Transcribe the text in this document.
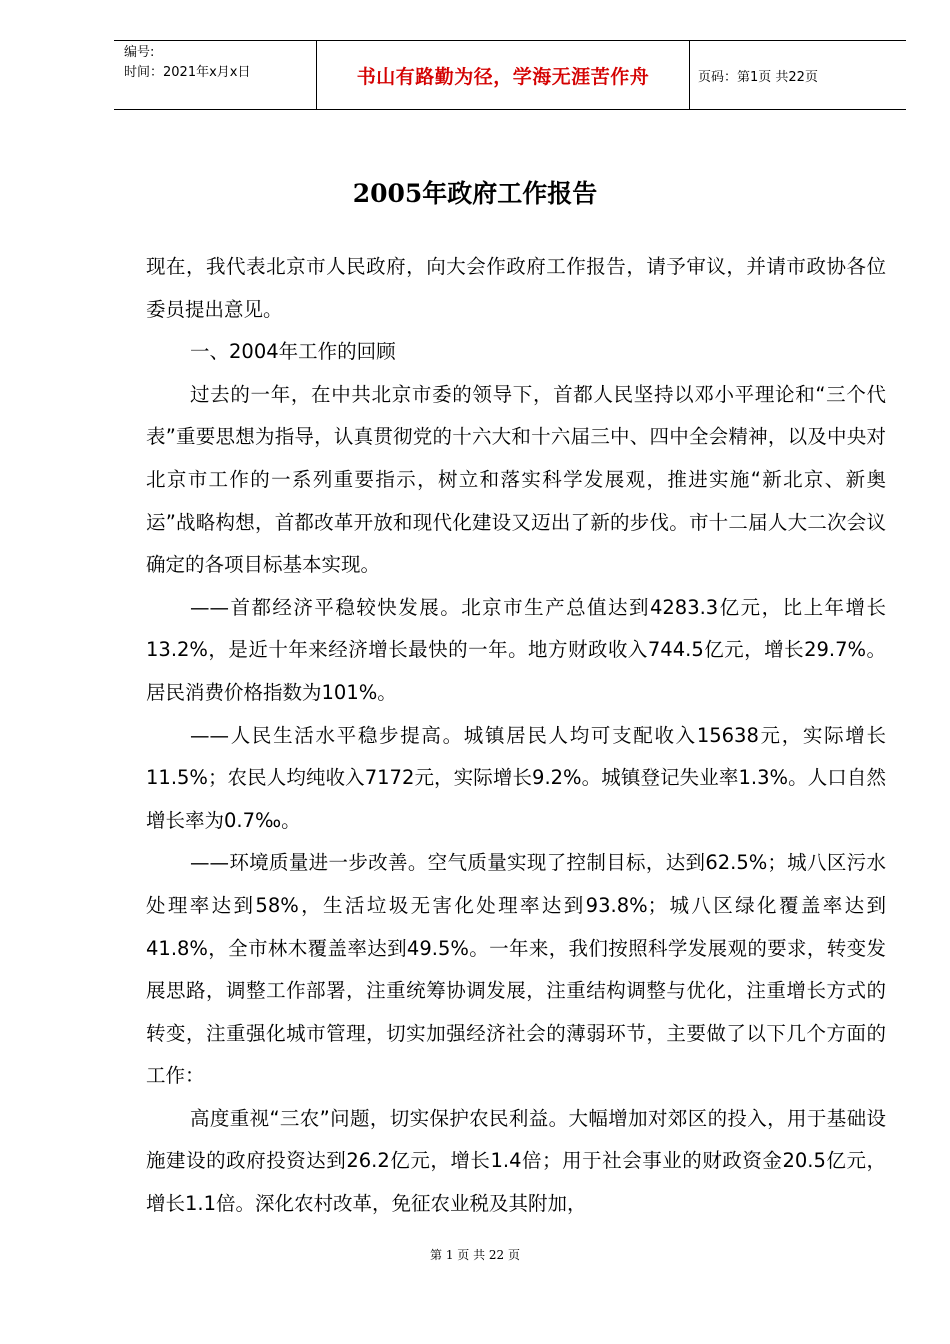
编号:
时间：2021年x月x日	书山有路勤为径，学海无涯苦作舟	页码：第1页 共22页
2005年政府工作报告

现在，我代表北京市人民政府，向大会作政府工作报告，请予审议，并请市政协各位委员提出意见。

一、2004年工作的回顾

过去的一年，在中共北京市委的领导下，首都人民坚持以邓小平理论和“三个代表”重要思想为指导，认真贯彻党的十六大和十六届三中、四中全会精神，以及中央对北京市工作的一系列重要指示，树立和落实科学发展观，推进实施“新北京、新奥运”战略构想，首都改革开放和现代化建设又迈出了新的步伐。市十二届人大二次会议确定的各项目标基本实现。

——首都经济平稳较快发展。北京市生产总值达到4283.3亿元，比上年增长13.2%，是近十年来经济增长最快的一年。地方财政收入744.5亿元，增长29.7%。居民消费价格指数为101%。

——人民生活水平稳步提高。城镇居民人均可支配收入15638元，实际增长11.5%；农民人均纯收入7172元，实际增长9.2%。城镇登记失业率1.3%。人口自然增长率为0.7‰。

——环境质量进一步改善。空气质量实现了控制目标，达到62.5%；城八区污水处理率达到58%，生活垃圾无害化处理率达到93.8%；城八区绿化覆盖率达到41.8%，全市林木覆盖率达到49.5%。一年来，我们按照科学发展观的要求，转变发展思路，调整工作部署，注重统筹协调发展，注重结构调整与优化，注重增长方式的转变，注重强化城市管理，切实加强经济社会的薄弱环节，主要做了以下几个方面的工作：

高度重视“三农”问题，切实保护农民利益。大幅增加对郊区的投入，用于基础设施建设的政府投资达到26.2亿元，增长1.4倍；用于社会事业的财政资金20.5亿元，增长1.1倍。深化农村改革，免征农业税及其附加，

第 1 页 共 22 页
